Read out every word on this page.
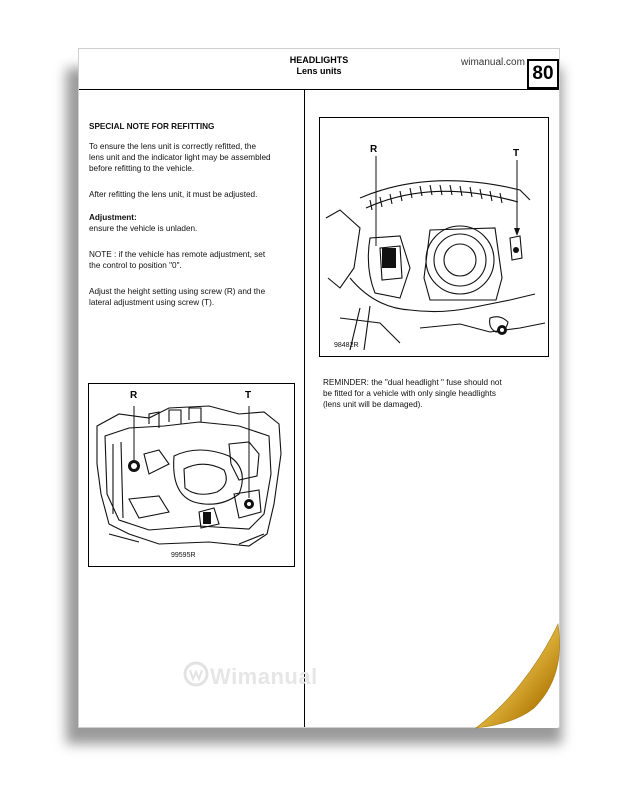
HEADLIGHTS
Lens units
wimanual.com
80
SPECIAL NOTE FOR REFITTING
To ensure the lens unit is correctly refitted, the
lens unit and the indicator light may be assembled
before refitting to the vehicle.
After refitting the lens unit, it must be adjusted.
Adjustment:
ensure the vehicle is unladen.
NOTE : if the vehicle has remote adjustment, set
the control to position "0".
Adjust the height setting using screw (R) and the
lateral adjustment using screw (T).
R	T
99595R
R	T
98482R
REMINDER: the "dual headlight " fuse should not
be fitted for a vehicle with only single headlights
(lens unit will be damaged).
Wimanual
